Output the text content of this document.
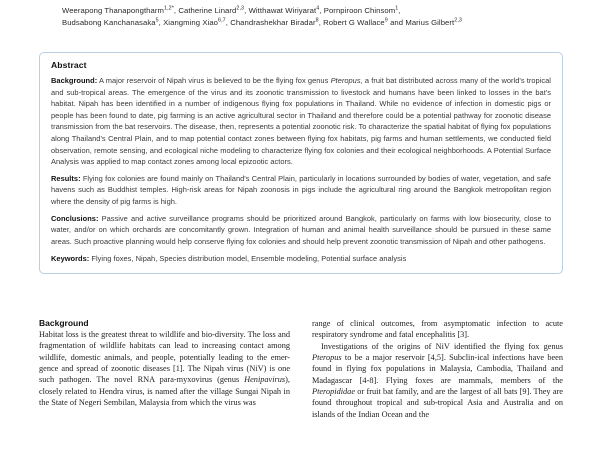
Weerapong Thanapongtharm$^{1,2*}$, Catherine Linard$^{2,3}$, Witthawat Wiriyarat$^4$, Pornpiroon Chinsom$^1$,
Budsabong Kanchanasaka$^5$, Xiangming Xiao$^{6,7}$, Chandrashekhar Biradar$^8$, Robert G Wallace$^9$ and Marius Gilbert$^{2,3}$
Abstract

Background: A major reservoir of Nipah virus is believed to be the flying fox genus Pteropus, a fruit bat distributed across many of the world's tropical and sub-tropical areas. The emergence of the virus and its zoonotic transmission to livestock and humans have been linked to losses in the bat's habitat. Nipah has been identified in a number of indigenous flying fox populations in Thailand. While no evidence of infection in domestic pigs or people has been found to date, pig farming is an active agricultural sector in Thailand and therefore could be a potential pathway for zoonotic disease transmission from the bat reservoirs. The disease, then, represents a potential zoonotic risk. To characterize the spatial habitat of flying fox populations along Thailand's Central Plain, and to map potential contact zones between flying fox habitats, pig farms and human settlements, we conducted field observation, remote sensing, and ecological niche modeling to characterize flying fox colonies and their ecological neighborhoods. A Potential Surface Analysis was applied to map contact zones among local epizootic actors.

Results: Flying fox colonies are found mainly on Thailand's Central Plain, particularly in locations surrounded by bodies of water, vegetation, and safe havens such as Buddhist temples. High-risk areas for Nipah zoonosis in pigs include the agricultural ring around the Bangkok metropolitan region where the density of pig farms is high.

Conclusions: Passive and active surveillance programs should be prioritized around Bangkok, particularly on farms with low biosecurity, close to water, and/or on which orchards are concomitantly grown. Integration of human and animal health surveillance should be pursued in these same areas. Such proactive planning would help conserve flying fox colonies and should help prevent zoonotic transmission of Nipah and other pathogens.

Keywords: Flying foxes, Nipah, Species distribution model, Ensemble modeling, Potential surface analysis

Background

Habitat loss is the greatest threat to wildlife and bio-diversity. The loss and fragmentation of wildlife habitats can lead to increasing contact among wildlife, domestic animals, and people, potentially leading to the emer-gence and spread of zoonotic diseases [1]. The Nipah virus (NiV) is one such pathogen. The novel RNA para-myxovirus (genus Henipavirus), closely related to Hendra virus, is named after the village Sungai Nipah in the State of Negeri Sembilan, Malaysia from which the virus was

range of clinical outcomes, from asymptomatic infection to acute respiratory syndrome and fatal encephalitis [3].

Investigations of the origins of NiV identified the flying fox genus Pteropus to be a major reservoir [4,5]. Subclin-ical infections have been found in flying fox populations in Malaysia, Cambodia, Thailand and Madagascar [4-8]. Flying foxes are mammals, members of the Pteropididae or fruit bat family, and are the largest of all bats [9]. They are found throughout tropical and sub-tropical Asia and Australia and on islands of the Indian Ocean and the
